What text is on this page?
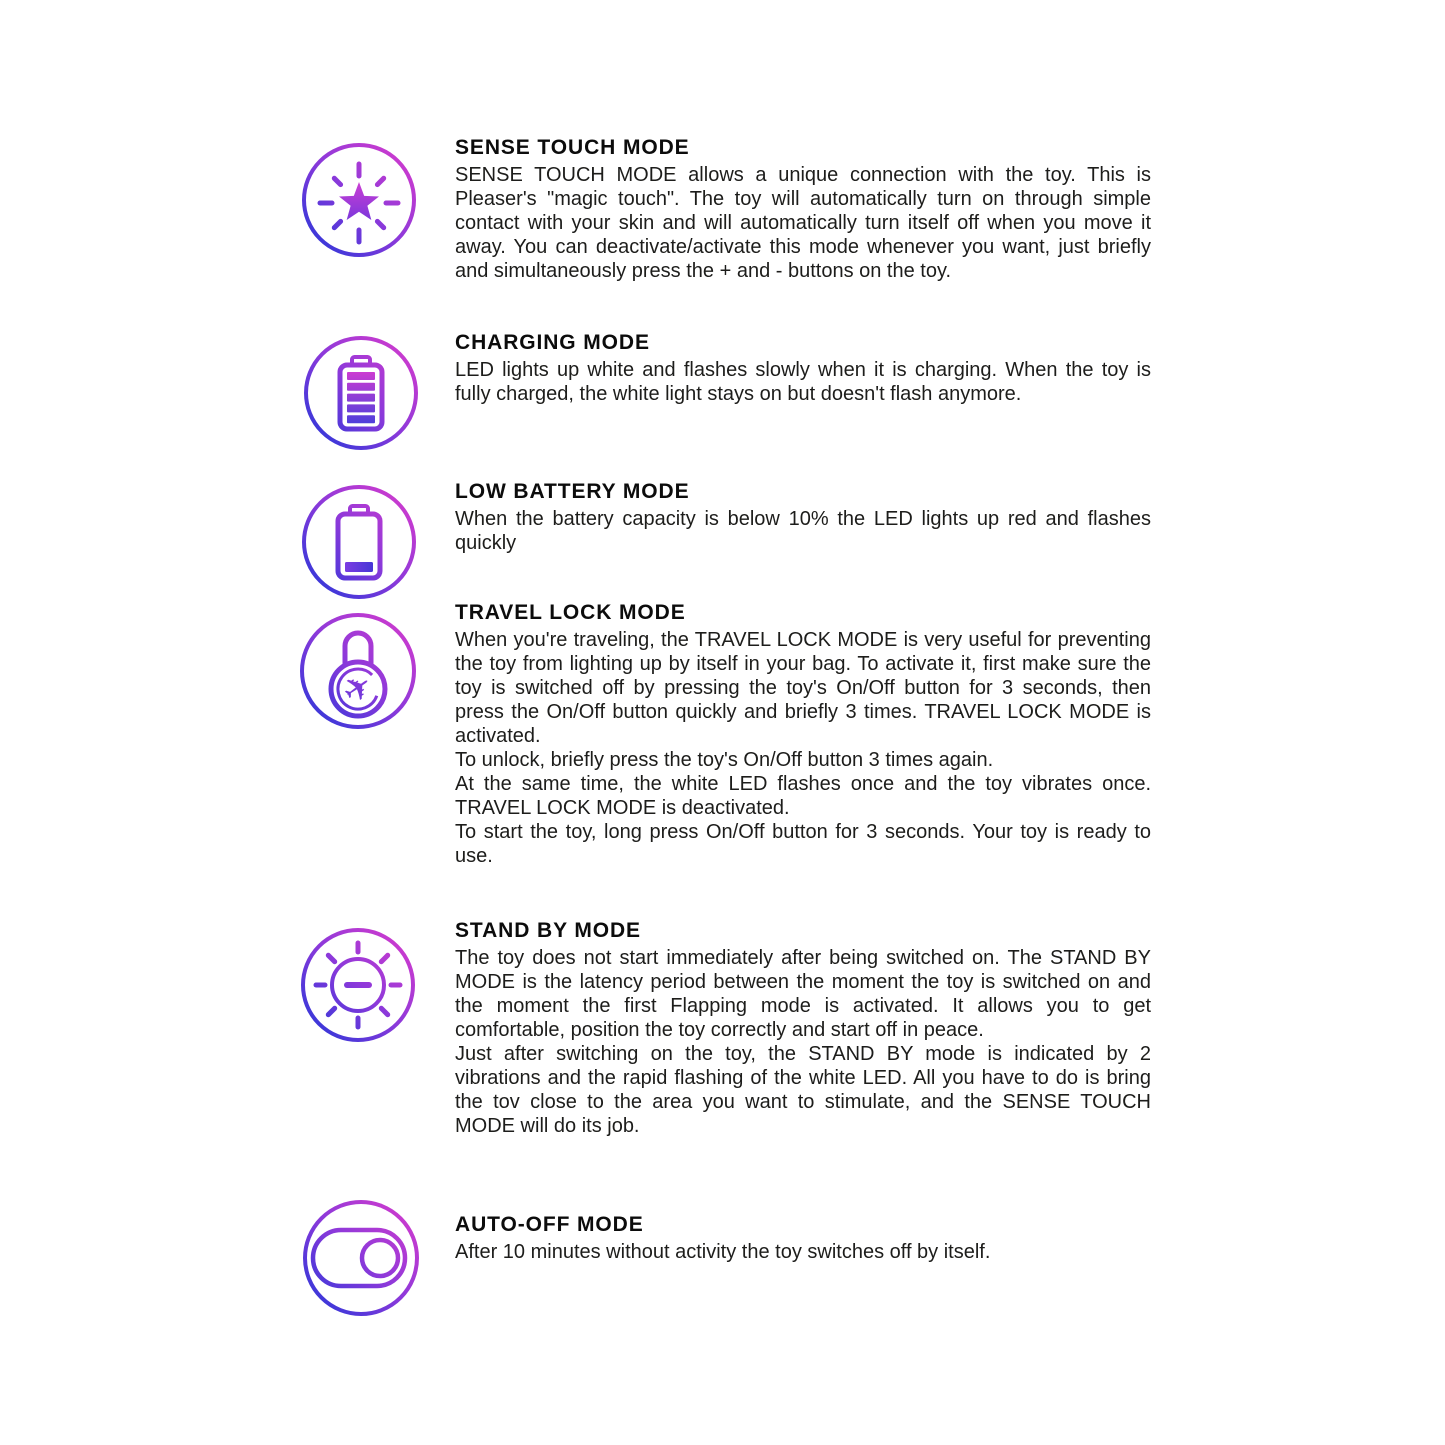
SENSE TOUCH MODE

SENSE TOUCH MODE allows a unique connection with the toy. This is Pleaser's "magic touch". The toy will automatically turn on through simple contact with your skin and will automatically turn itself off when you move it away. You can deactivate/activate this mode whenever you want, just briefly and simultaneously press the + and - buttons on the toy.

CHARGING MODE

LED lights up white and flashes slowly when it is charging. When the toy is fully charged, the white light stays on but doesn't flash anymore.

LOW BATTERY MODE

When the battery capacity is below 10% the LED lights up red and flashes quickly

✈
TRAVEL LOCK MODE

When you're traveling, the TRAVEL LOCK MODE is very useful for preventing the toy from lighting up by itself in your bag. To activate it, first make sure the toy is switched off by pressing the toy's On/Off button for 3 seconds, then press the On/Off button quickly and briefly 3 times. TRAVEL LOCK MODE is activated.

To unlock, briefly press the toy's On/Off button 3 times again.

At the same time, the white LED flashes once and the toy vibrates once. TRAVEL LOCK MODE is deactivated.

To start the toy, long press On/Off button for 3 seconds. Your toy is ready to use.

STAND BY MODE

The toy does not start immediately after being switched on. The STAND BY MODE is the latency period between the moment the toy is switched on and the moment the first Flapping mode is activated. It allows you to get comfortable, position the toy correctly and start off in peace.

Just after switching on the toy, the STAND BY mode is indicated by 2 vibrations and the rapid flashing of the white LED. All you have to do is bring the tov close to the area you want to stimulate, and the SENSE TOUCH MODE will do its job.

AUTO-OFF MODE

After 10 minutes without activity the toy switches off by itself.
